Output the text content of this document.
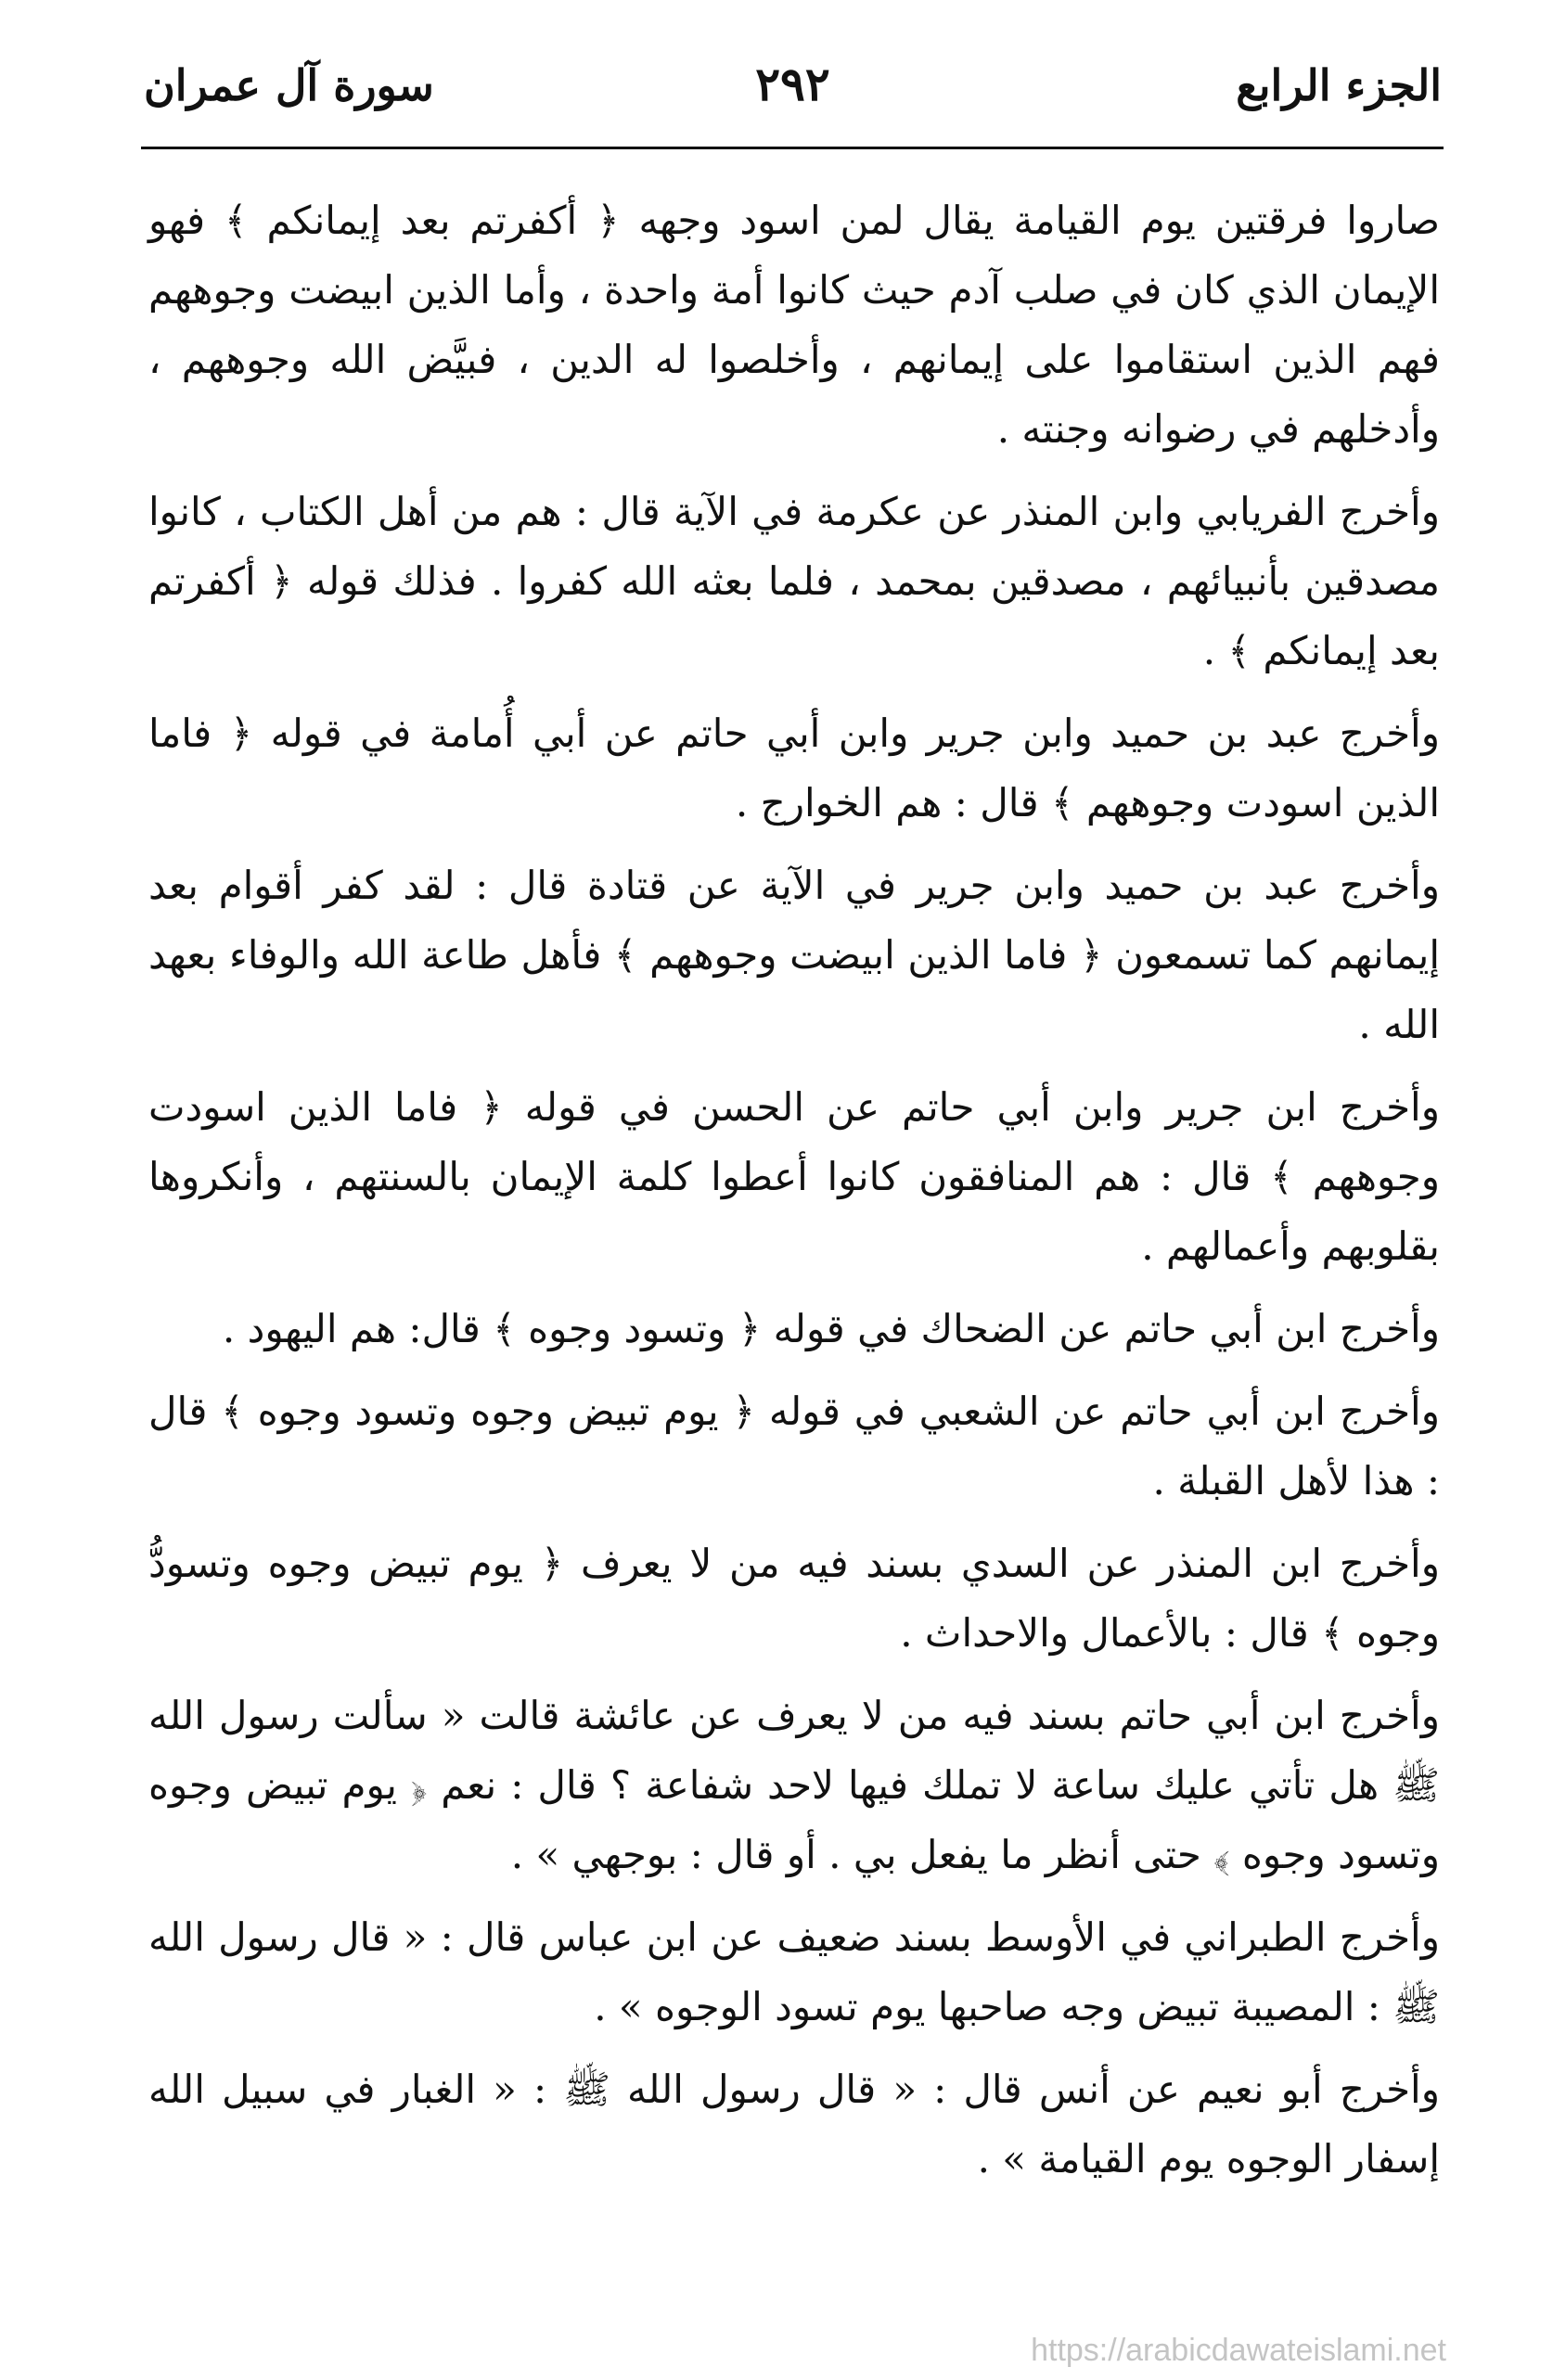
الجزء الرابع
٢٩٢
سورة آل عمران

صاروا فرقتين يوم القيامة يقال لمن اسود وجهه ﴿ أكفرتم بعد إيمانكم ﴾ فهو الإيمان الذي كان في صلب آدم حيث كانوا أمة واحدة ، وأما الذين ابيضت وجوههم فهم الذين استقاموا على إيمانهم ، وأخلصوا له الدين ، فبيَّض الله وجوههم ، وأدخلهم في رضوانه وجنته .

وأخرج الفريابي وابن المنذر عن عكرمة في الآية قال : هم من أهل الكتاب ، كانوا مصدقين بأنبيائهم ، مصدقين بمحمد ، فلما بعثه الله كفروا . فذلك قوله ﴿ أكفرتم بعد إيمانكم ﴾ .

وأخرج عبد بن حميد وابن جرير وابن أبي حاتم عن أبي أُمامة في قوله ﴿ فاما الذين اسودت وجوههم ﴾ قال : هم الخوارج .

وأخرج عبد بن حميد وابن جرير في الآية عن قتادة قال : لقد كفر أقوام بعد إيمانهم كما تسمعون ﴿ فاما الذين ابيضت وجوههم ﴾ فأهل طاعة الله والوفاء بعهد الله .

وأخرج ابن جرير وابن أبي حاتم عن الحسن في قوله ﴿ فاما الذين اسودت وجوههم ﴾ قال : هم المنافقون كانوا أعطوا كلمة الإيمان بالسنتهم ، وأنكروها بقلوبهم وأعمالهم .

وأخرج ابن أبي حاتم عن الضحاك في قوله ﴿ وتسود وجوه ﴾ قال: هم اليهود .

وأخرج ابن أبي حاتم عن الشعبي في قوله ﴿ يوم تبيض وجوه وتسود وجوه ﴾ قال : هذا لأهل القبلة .

وأخرج ابن المنذر عن السدي بسند فيه من لا يعرف ﴿ يوم تبيض وجوه وتسودُّ وجوه ﴾ قال : بالأعمال والاحداث .

وأخرج ابن أبي حاتم بسند فيه من لا يعرف عن عائشة قالت « سألت رسول الله ﷺ هل تأتي عليك ساعة لا تملك فيها لاحد شفاعة ؟ قال : نعم ﴿ يوم تبيض وجوه وتسود وجوه ﴾ حتى أنظر ما يفعل بي . أو قال : بوجهي » .

وأخرج الطبراني في الأوسط بسند ضعيف عن ابن عباس قال : « قال رسول الله ﷺ : المصيبة تبيض وجه صاحبها يوم تسود الوجوه » .

وأخرج أبو نعيم عن أنس قال : « قال رسول الله ﷺ : « الغبار في سبيل الله إسفار الوجوه يوم القيامة » .

https://arabicdawateislami.net
